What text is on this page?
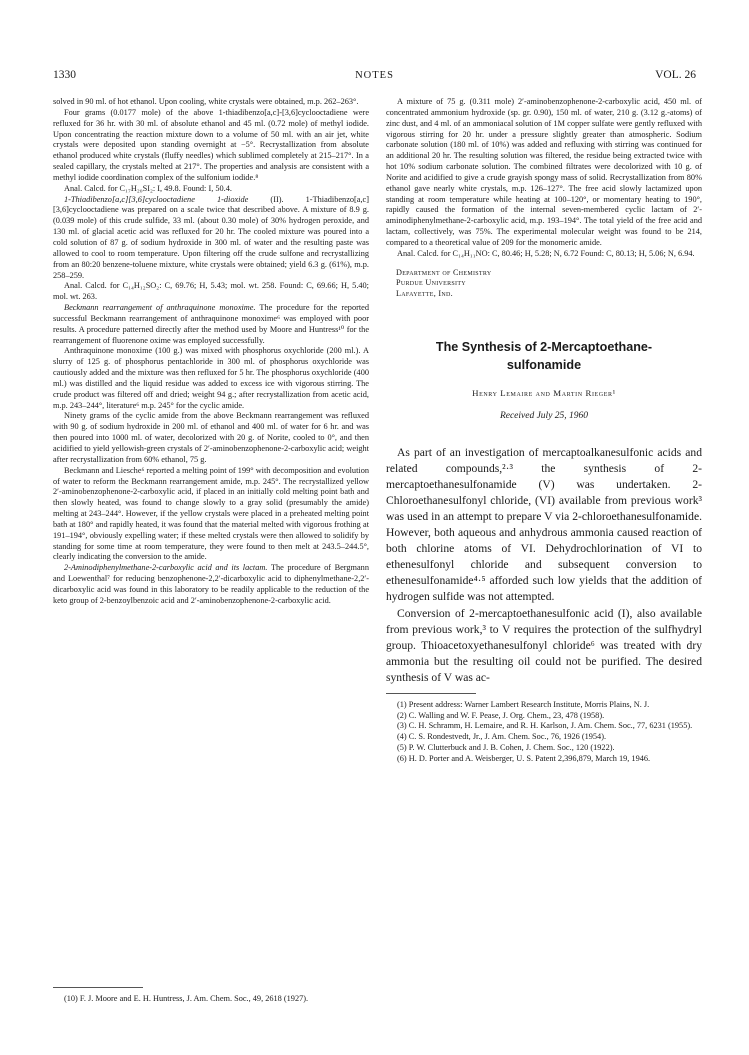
1330	NOTES	VOL. 26

solved in 90 ml. of hot ethanol. Upon cooling, white crystals were obtained, m.p. 262–263°.

Four grams (0.0177 mole) of the above 1-thiadibenzo[a,c]-[3,6]cyclooctadiene were refluxed for 36 hr. with 30 ml. of absolute ethanol and 45 ml. (0.72 mole) of methyl iodide. Upon concentrating the reaction mixture down to a volume of 50 ml. with an air jet, white crystals were deposited upon standing overnight at −5°. Recrystallization from absolute ethanol produced white crystals (fluffy needles) which sublimed completely at 215–217°. In a sealed capillary, the crystals melted at 217°. The properties and analysis are consistent with a methyl iodide coordination complex of the sulfonium iodide.⁸

Anal. Calcd. for C₁₇H₂₀SI₂: I, 49.8. Found: I, 50.4.

1-Thiadibenzo[a,c][3,6]cyclooctadiene 1-dioxide (II). 1-Thiadibenzo[a,c][3,6]cyclooctadiene was prepared on a scale twice that described above. A mixture of 8.9 g. (0.039 mole) of this crude sulfide, 33 ml. (about 0.30 mole) of 30% hydrogen peroxide, and 130 ml. of glacial acetic acid was refluxed for 20 hr. The cooled mixture was poured into a cold solution of 87 g. of sodium hydroxide in 300 ml. of water and the resulting paste was allowed to cool to room temperature. Upon filtering off the crude sulfone and recrystallizing from an 80:20 benzene-toluene mixture, white crystals were obtained; yield 6.3 g. (61%), m.p. 258–259.

Anal. Calcd. for C₁₄H₁₂SO₂: C, 69.76; H, 5.43; mol. wt. 258. Found: C, 69.66; H, 5.40; mol. wt. 263.

Beckmann rearrangement of anthraquinone monoxime. The procedure for the reported successful Beckmann rearrangement of anthraquinone monoxime⁶ was employed with poor results. A procedure patterned directly after the method used by Moore and Huntress¹⁰ for the rearrangement of fluorenone oxime was employed successfully.

Anthraquinone monoxime (100 g.) was mixed with phosphorus oxychloride (200 ml.). A slurry of 125 g. of phosphorus pentachloride in 300 ml. of phosphorus oxychloride was cautiously added and the mixture was then refluxed for 5 hr. The phosphorus oxychloride (400 ml.) was distilled and the liquid residue was added to excess ice with vigorous stirring. The crude product was filtered off and dried; weight 94 g.; after recrystallization from acetic acid, m.p. 243–244°, literature⁶ m.p. 245° for the cyclic amide.

Ninety grams of the cyclic amide from the above Beckmann rearrangement was refluxed with 90 g. of sodium hydroxide in 200 ml. of ethanol and 400 ml. of water for 6 hr. and was then poured into 1000 ml. of water, decolorized with 20 g. of Norite, cooled to 0°, and then acidified to yield yellowish-green crystals of 2′-aminobenzophenone-2-carboxylic acid; weight after recrystallization from 60% ethanol, 75 g.

Beckmann and Liesche⁶ reported a melting point of 199° with decomposition and evolution of water to reform the Beckmann rearrangement amide, m.p. 245°. The recrystallized yellow 2′-aminobenzophenone-2-carboxylic acid, if placed in an initially cold melting point bath and then slowly heated, was found to change slowly to a gray solid (presumably the amide) melting at 243–244°. However, if the yellow crystals were placed in a preheated melting point bath at 180° and rapidly heated, it was found that the material melted with vigorous frothing at 191–194°, obviously expelling water; if these melted crystals were then allowed to solidify by standing for some time at room temperature, they were found to then melt at 243.5–244.5°, clearly indicating the conversion to the amide.

2-Aminodiphenylmethane-2-carboxylic acid and its lactam. The procedure of Bergmann and Loewenthal⁷ for reducing benzophenone-2,2′-dicarboxylic acid to diphenylmethane-2,2′-dicarboxylic acid was found in this laboratory to be readily applicable to the reduction of the keto group of 2-benzoylbenzoic acid and 2′-aminobenzophenone-2-carboxylic acid.

(10) F. J. Moore and E. H. Huntress, J. Am. Chem. Soc., 49, 2618 (1927).

A mixture of 75 g. (0.311 mole) 2′-aminobenzophenone-2-carboxylic acid, 450 ml. of concentrated ammonium hydroxide (sp. gr. 0.90), 150 ml. of water, 210 g. (3.12 g.-atoms) of zinc dust, and 4 ml. of an ammoniacal solution of 1M copper sulfate were gently refluxed with vigorous stirring for 20 hr. under a pressure slightly greater than atmospheric. Sodium carbonate solution (180 ml. of 10%) was added and refluxing with stirring was continued for an additional 20 hr. The resulting solution was filtered, the residue being extracted twice with hot 10% sodium carbonate solution. The combined filtrates were decolorized with 10 g. of Norite and acidified to give a crude grayish spongy mass of solid. Recrystallization from 80% ethanol gave nearly white crystals, m.p. 126–127°. The free acid slowly lactamized upon standing at room temperature while heating at 100–120°, or momentary heating to 190°, rapidly caused the formation of the internal seven-membered cyclic lactam of 2′-aminodiphenylmethane-2-carboxylic acid, m.p. 193–194°. The total yield of the free acid and lactam, collectively, was 75%. The experimental molecular weight was found to be 214, compared to a theoretical value of 209 for the monomeric amide.

Anal. Calcd. for C₁₄H₁₁NO: C, 80.46; H, 5.28; N, 6.72 Found: C, 80.13; H, 5.06; N, 6.94.

Department of Chemistry
Purdue University
Lafayette, Ind.
The Synthesis of 2-Mercaptoethane-
sulfonamide
Henry Lemaire and Martin Rieger¹
Received July 25, 1960

As part of an investigation of mercaptoalkanesulfonic acids and related compounds,²·³ the synthesis of 2-mercaptoethanesulfonamide (V) was undertaken. 2-Chloroethanesulfonyl chloride, (VI) available from previous work³ was used in an attempt to prepare V via 2-chloroethanesulfonamide. However, both aqueous and anhydrous ammonia caused reaction of both chlorine atoms of VI. Dehydrochlorination of VI to ethenesulfonyl chloride and subsequent conversion to ethenesulfonamide⁴·⁵ afforded such low yields that the addition of hydrogen sulfide was not attempted.

Conversion of 2-mercaptoethanesulfonic acid (I), also available from previous work,³ to V requires the protection of the sulfhydryl group. Thioacetoxyethanesulfonyl chloride⁶ was treated with dry ammonia but the resulting oil could not be purified. The desired synthesis of V was ac-

(1) Present address: Warner Lambert Research Institute, Morris Plains, N. J.

(2) C. Walling and W. F. Pease, J. Org. Chem., 23, 478 (1958).

(3) C. H. Schramm, H. Lemaire, and R. H. Karlson, J. Am. Chem. Soc., 77, 6231 (1955).

(4) C. S. Rondestvedt, Jr., J. Am. Chem. Soc., 76, 1926 (1954).

(5) P. W. Clutterbuck and J. B. Cohen, J. Chem. Soc., 120 (1922).

(6) H. D. Porter and A. Weisberger, U. S. Patent 2,396,879, March 19, 1946.
